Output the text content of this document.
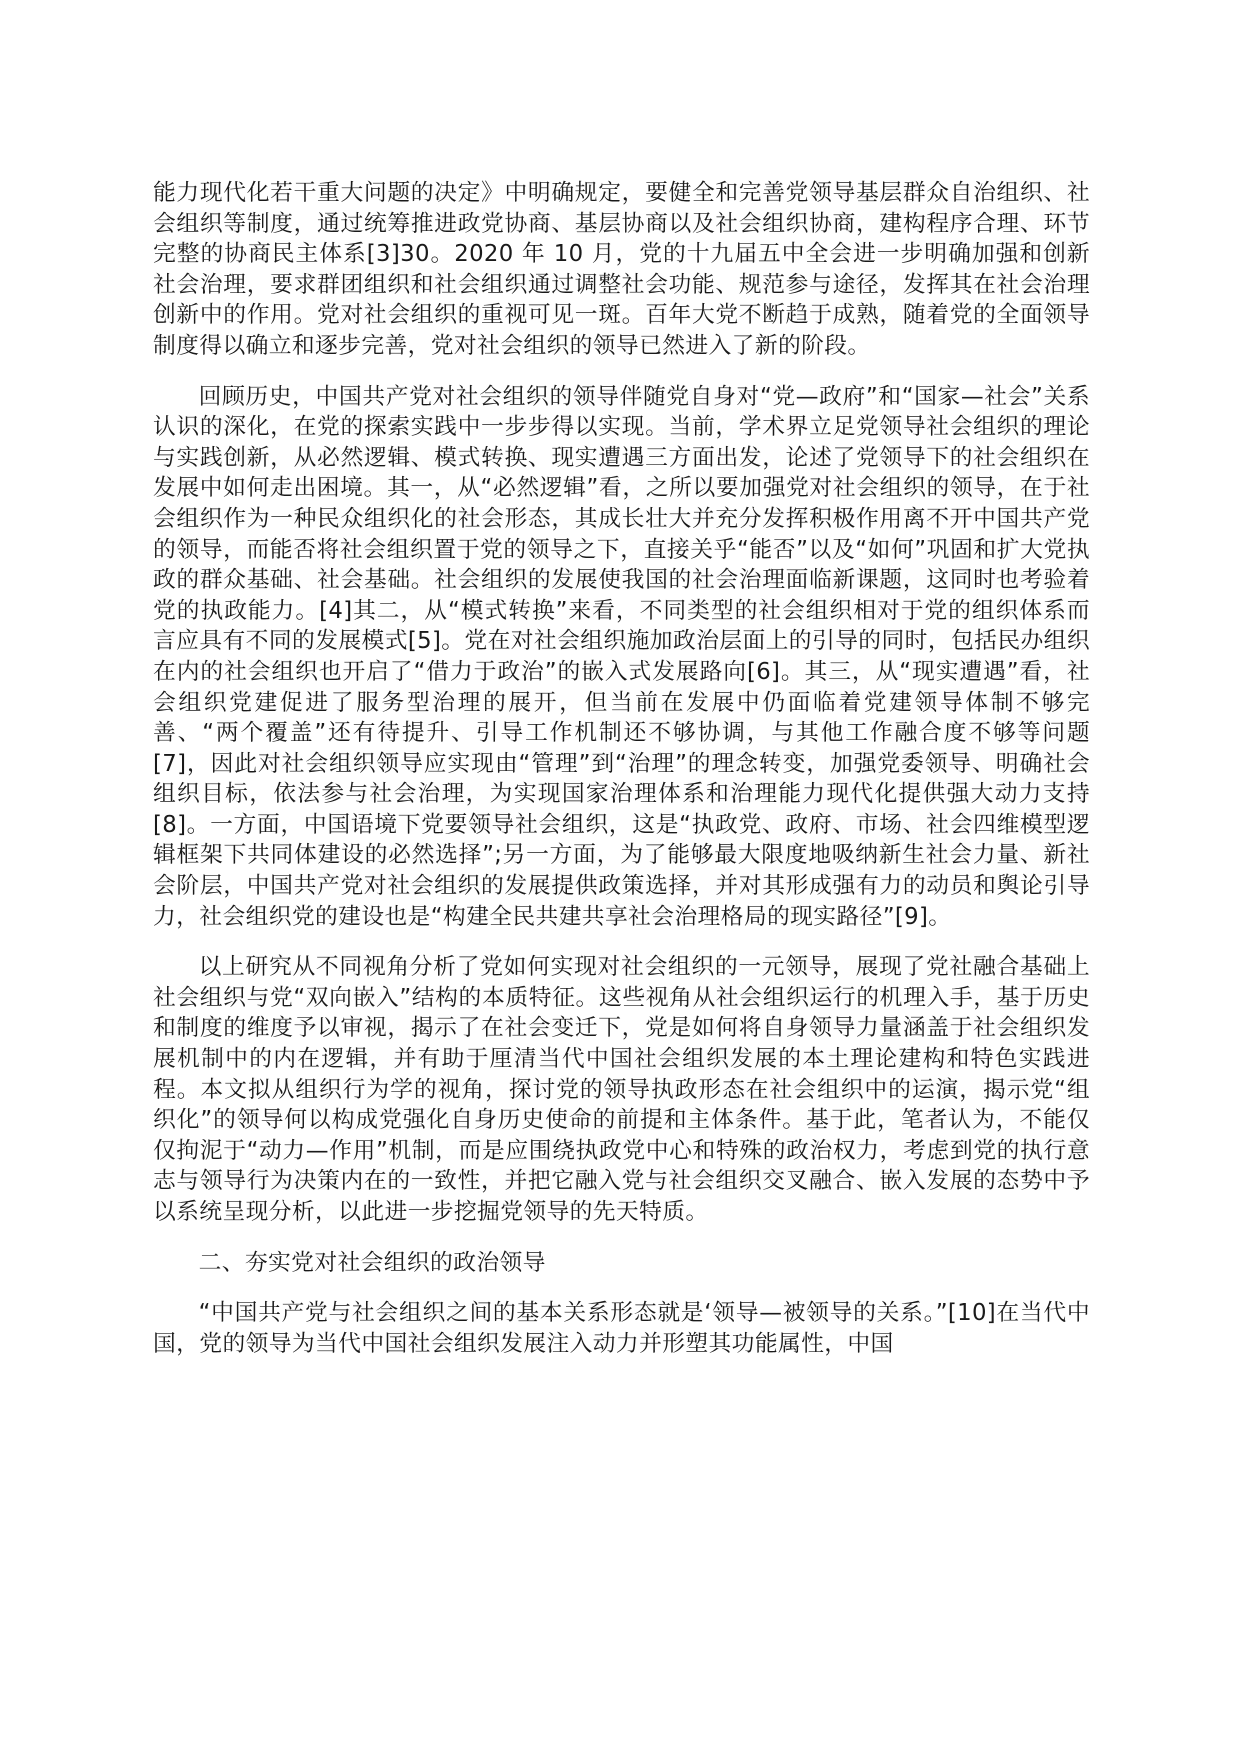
能力现代化若干重大问题的决定》中明确规定，要健全和完善党领导基层群众自治组织、社会组织等制度，通过统筹推进政党协商、基层协商以及社会组织协商，建构程序合理、环节完整的协商民主体系[3]30。2020 年 10 月，党的十九届五中全会进一步明确加强和创新社会治理，要求群团组织和社会组织通过调整社会功能、规范参与途径，发挥其在社会治理创新中的作用。党对社会组织的重视可见一斑。百年大党不断趋于成熟，随着党的全面领导制度得以确立和逐步完善，党对社会组织的领导已然进入了新的阶段。

回顾历史，中国共产党对社会组织的领导伴随党自身对“党—政府”和“国家—社会”关系认识的深化，在党的探索实践中一步步得以实现。当前，学术界立足党领导社会组织的理论与实践创新，从必然逻辑、模式转换、现实遭遇三方面出发，论述了党领导下的社会组织在发展中如何走出困境。其一，从“必然逻辑”看，之所以要加强党对社会组织的领导，在于社会组织作为一种民众组织化的社会形态，其成长壮大并充分发挥积极作用离不开中国共产党的领导，而能否将社会组织置于党的领导之下，直接关乎“能否”以及“如何”巩固和扩大党执政的群众基础、社会基础。社会组织的发展使我国的社会治理面临新课题，这同时也考验着党的执政能力。[4]其二，从“模式转换”来看，不同类型的社会组织相对于党的组织体系而言应具有不同的发展模式[5]。党在对社会组织施加政治层面上的引导的同时，包括民办组织在内的社会组织也开启了“借力于政治”的嵌入式发展路向[6]。其三，从“现实遭遇”看，社会组织党建促进了服务型治理的展开，但当前在发展中仍面临着党建领导体制不够完善、“两个覆盖”还有待提升、引导工作机制还不够协调，与其他工作融合度不够等问题[7]，因此对社会组织领导应实现由“管理”到“治理”的理念转变，加强党委领导、明确社会组织目标，依法参与社会治理，为实现国家治理体系和治理能力现代化提供强大动力支持[8]。一方面，中国语境下党要领导社会组织，这是“执政党、政府、市场、社会四维模型逻辑框架下共同体建设的必然选择”;另一方面，为了能够最大限度地吸纳新生社会力量、新社会阶层，中国共产党对社会组织的发展提供政策选择，并对其形成强有力的动员和舆论引导力，社会组织党的建设也是“构建全民共建共享社会治理格局的现实路径”[9]。

以上研究从不同视角分析了党如何实现对社会组织的一元领导，展现了党社融合基础上社会组织与党“双向嵌入”结构的本质特征。这些视角从社会组织运行的机理入手，基于历史和制度的维度予以审视，揭示了在社会变迁下，党是如何将自身领导力量涵盖于社会组织发展机制中的内在逻辑，并有助于厘清当代中国社会组织发展的本土理论建构和特色实践进程。本文拟从组织行为学的视角，探讨党的领导执政形态在社会组织中的运演，揭示党“组织化”的领导何以构成党强化自身历史使命的前提和主体条件。基于此，笔者认为，不能仅仅拘泥于“动力—作用”机制，而是应围绕执政党中心和特殊的政治权力，考虑到党的执行意志与领导行为决策内在的一致性，并把它融入党与社会组织交叉融合、嵌入发展的态势中予以系统呈现分析，以此进一步挖掘党领导的先天特质。

二、夯实党对社会组织的政治领导

“中国共产党与社会组织之间的基本关系形态就是‘领导—被领导的关系。”[10]在当代中国，党的领导为当代中国社会组织发展注入动力并形塑其功能属性，中国
